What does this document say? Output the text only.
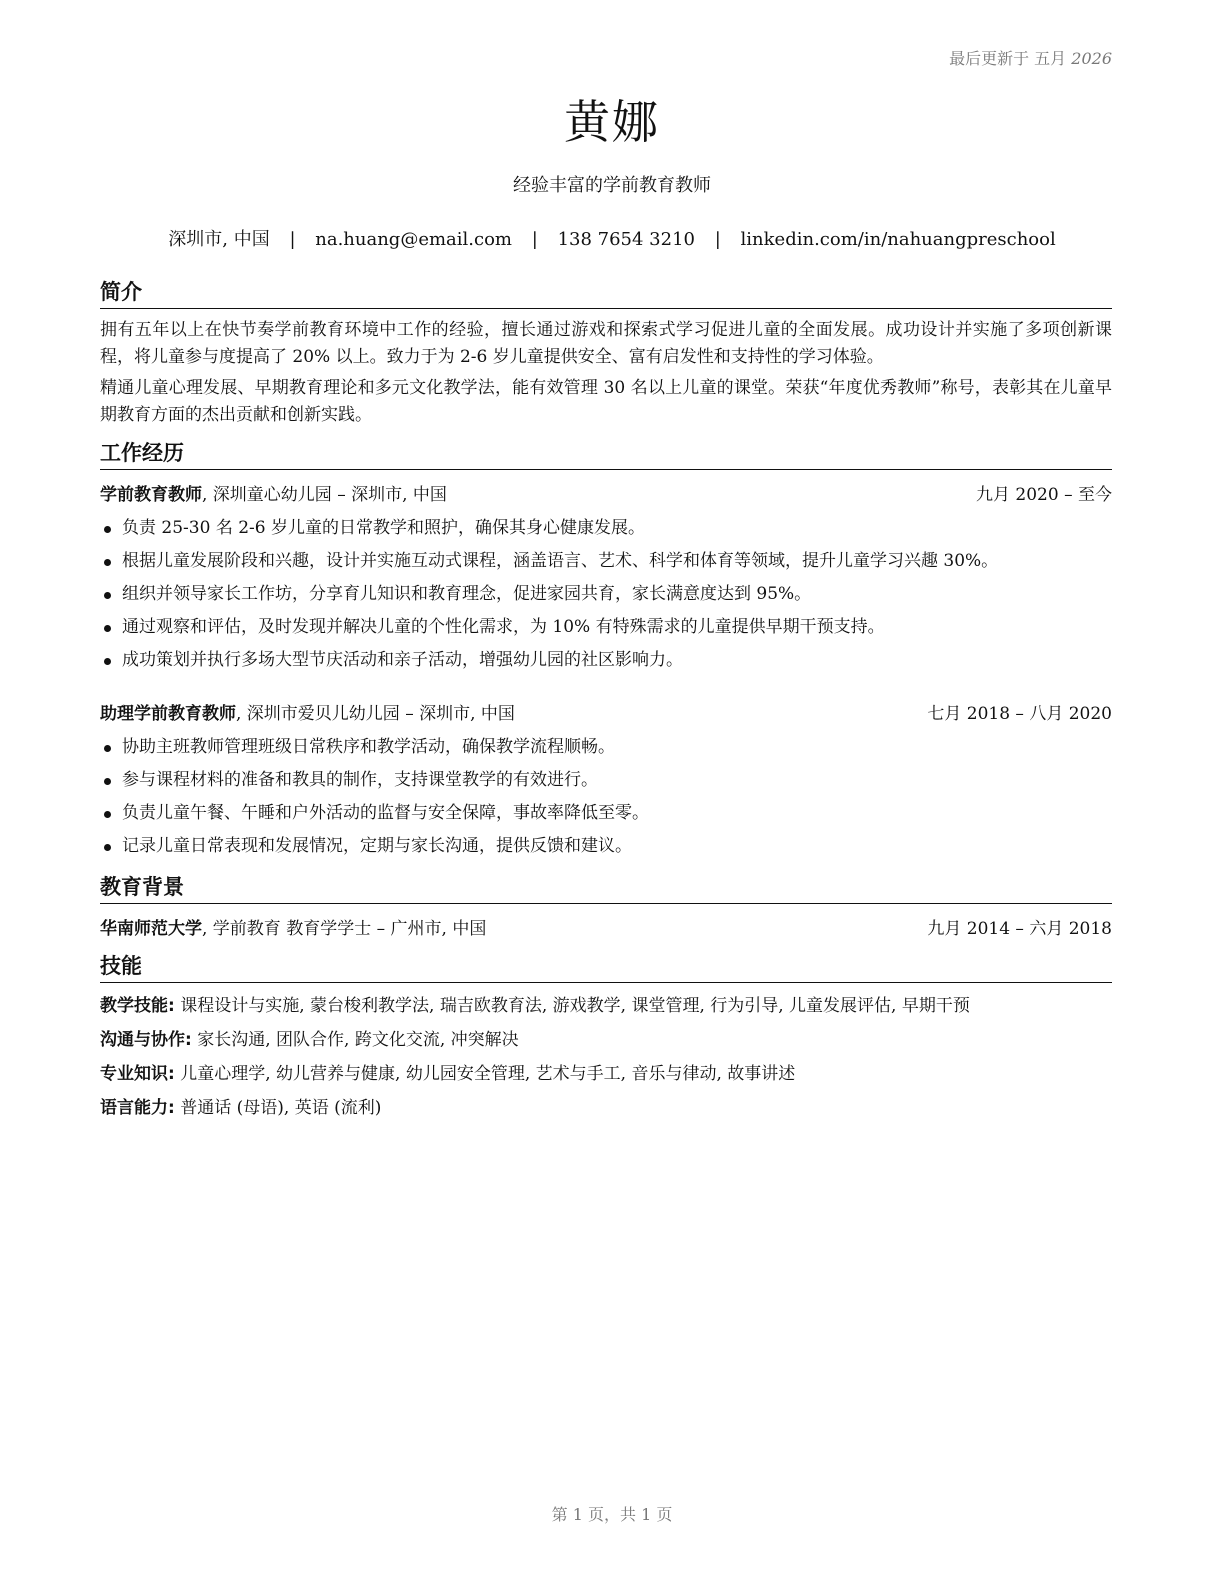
最后更新于 五月 2026
黄娜
经验丰富的学前教育教师
深圳市, 中国 | na.huang@email.com | 138 7654 3210 | linkedin.com/in/nahuangpreschool
简介

拥有五年以上在快节奏学前教育环境中工作的经验，擅长通过游戏和探索式学习促进儿童的全面发展。成功设计并实施了多项创新课程，将儿童参与度提高了 20% 以上。致力于为 2-6 岁儿童提供安全、富有启发性和支持性的学习体验。

精通儿童心理发展、早期教育理论和多元文化教学法，能有效管理 30 名以上儿童的课堂。荣获“年度优秀教师”称号，表彰其在儿童早期教育方面的杰出贡献和创新实践。

工作经历
学前教育教师, 深圳童心幼儿园 – 深圳市, 中国	九月 2020 – 至今
负责 25-30 名 2-6 岁儿童的日常教学和照护，确保其身心健康发展。
根据儿童发展阶段和兴趣，设计并实施互动式课程，涵盖语言、艺术、科学和体育等领域，提升儿童学习兴趣 30%。
组织并领导家长工作坊，分享育儿知识和教育理念，促进家园共育，家长满意度达到 95%。
通过观察和评估，及时发现并解决儿童的个性化需求，为 10% 有特殊需求的儿童提供早期干预支持。
成功策划并执行多场大型节庆活动和亲子活动，增强幼儿园的社区影响力。
助理学前教育教师, 深圳市爱贝儿幼儿园 – 深圳市, 中国	七月 2018 – 八月 2020
协助主班教师管理班级日常秩序和教学活动，确保教学流程顺畅。
参与课程材料的准备和教具的制作，支持课堂教学的有效进行。
负责儿童午餐、午睡和户外活动的监督与安全保障，事故率降低至零。
记录儿童日常表现和发展情况，定期与家长沟通，提供反馈和建议。
教育背景
华南师范大学, 学前教育 教育学学士 – 广州市, 中国	九月 2014 – 六月 2018
技能
教学技能: 课程设计与实施, 蒙台梭利教学法, 瑞吉欧教育法, 游戏教学, 课堂管理, 行为引导, 儿童发展评估, 早期干预
沟通与协作: 家长沟通, 团队合作, 跨文化交流, 冲突解决
专业知识: 儿童心理学, 幼儿营养与健康, 幼儿园安全管理, 艺术与手工, 音乐与律动, 故事讲述
语言能力: 普通话 (母语), 英语 (流利)
第 1 页，共 1 页
